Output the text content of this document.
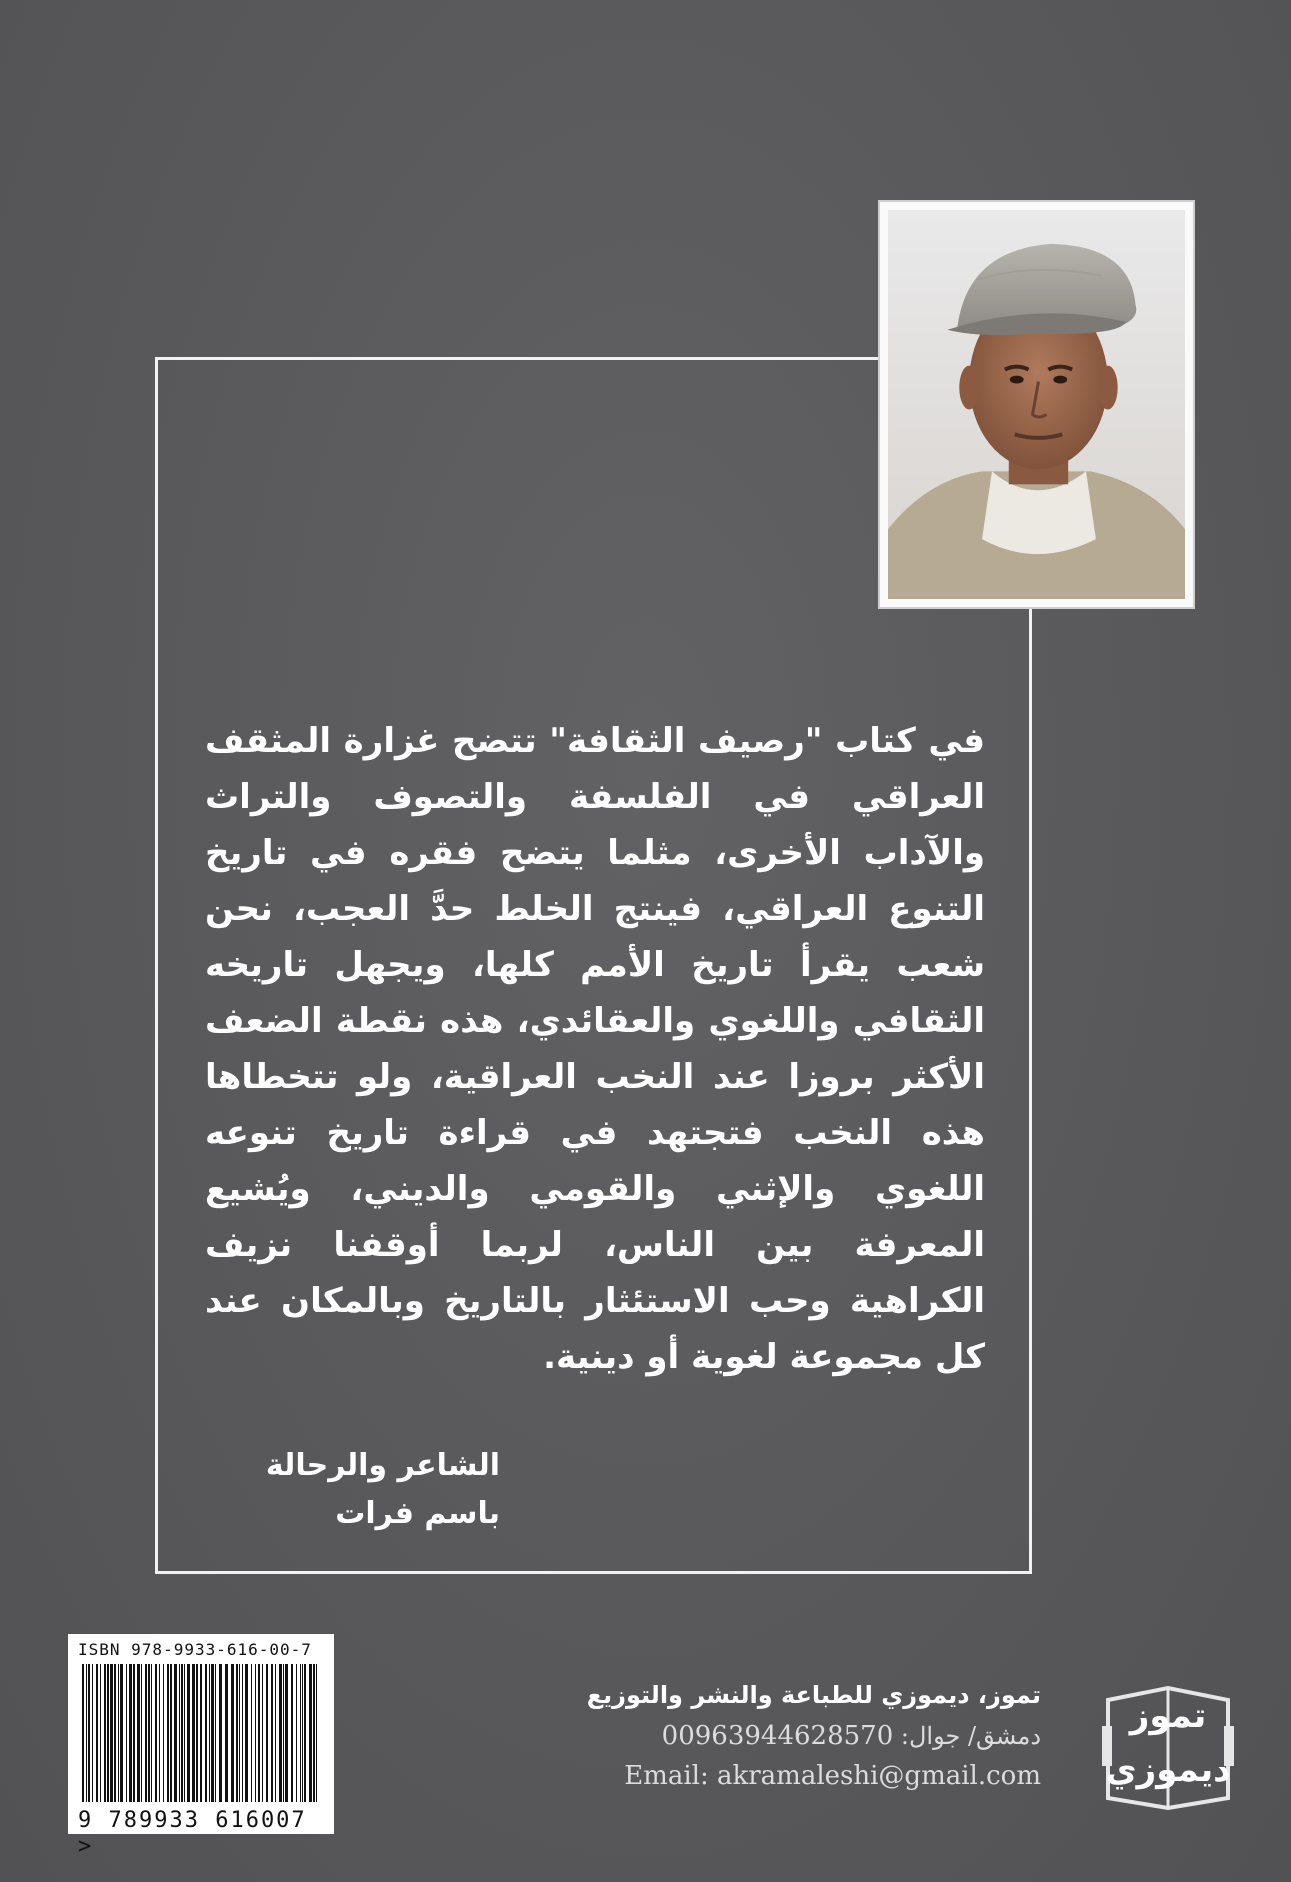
في كتاب "رصيف الثقافة" تتضح غزارة المثقف العراقي في الفلسفة والتصوف والتراث والآداب الأخرى، مثلما يتضح فقره في تاريخ التنوع العراقي، فينتج الخلط حدَّ العجب، نحن شعب يقرأ تاريخ الأمم كلها، ويجهل تاريخه الثقافي واللغوي والعقائدي، هذه نقطة الضعف الأكثر بروزا عند النخب العراقية، ولو تتخطاها هذه النخب فتجتهد في قراءة تاريخ تنوعه اللغوي والإثني والقومي والديني، ويُشيع المعرفة بين الناس، لربما أوقفنا نزيف الكراهية وحب الاستئثار بالتاريخ وبالمكان عند كل مجموعة لغوية أو دينية.
الشاعر والرحالة
باسم فرات
ISBN 978-9933-616-00-7
9 789933 616007 >
تموز، ديموزي للطباعة والنشر والتوزيع
دمشق/ جوال: 00963944628570
Email: akramaleshi@gmail.com
تموز
ديموزي
